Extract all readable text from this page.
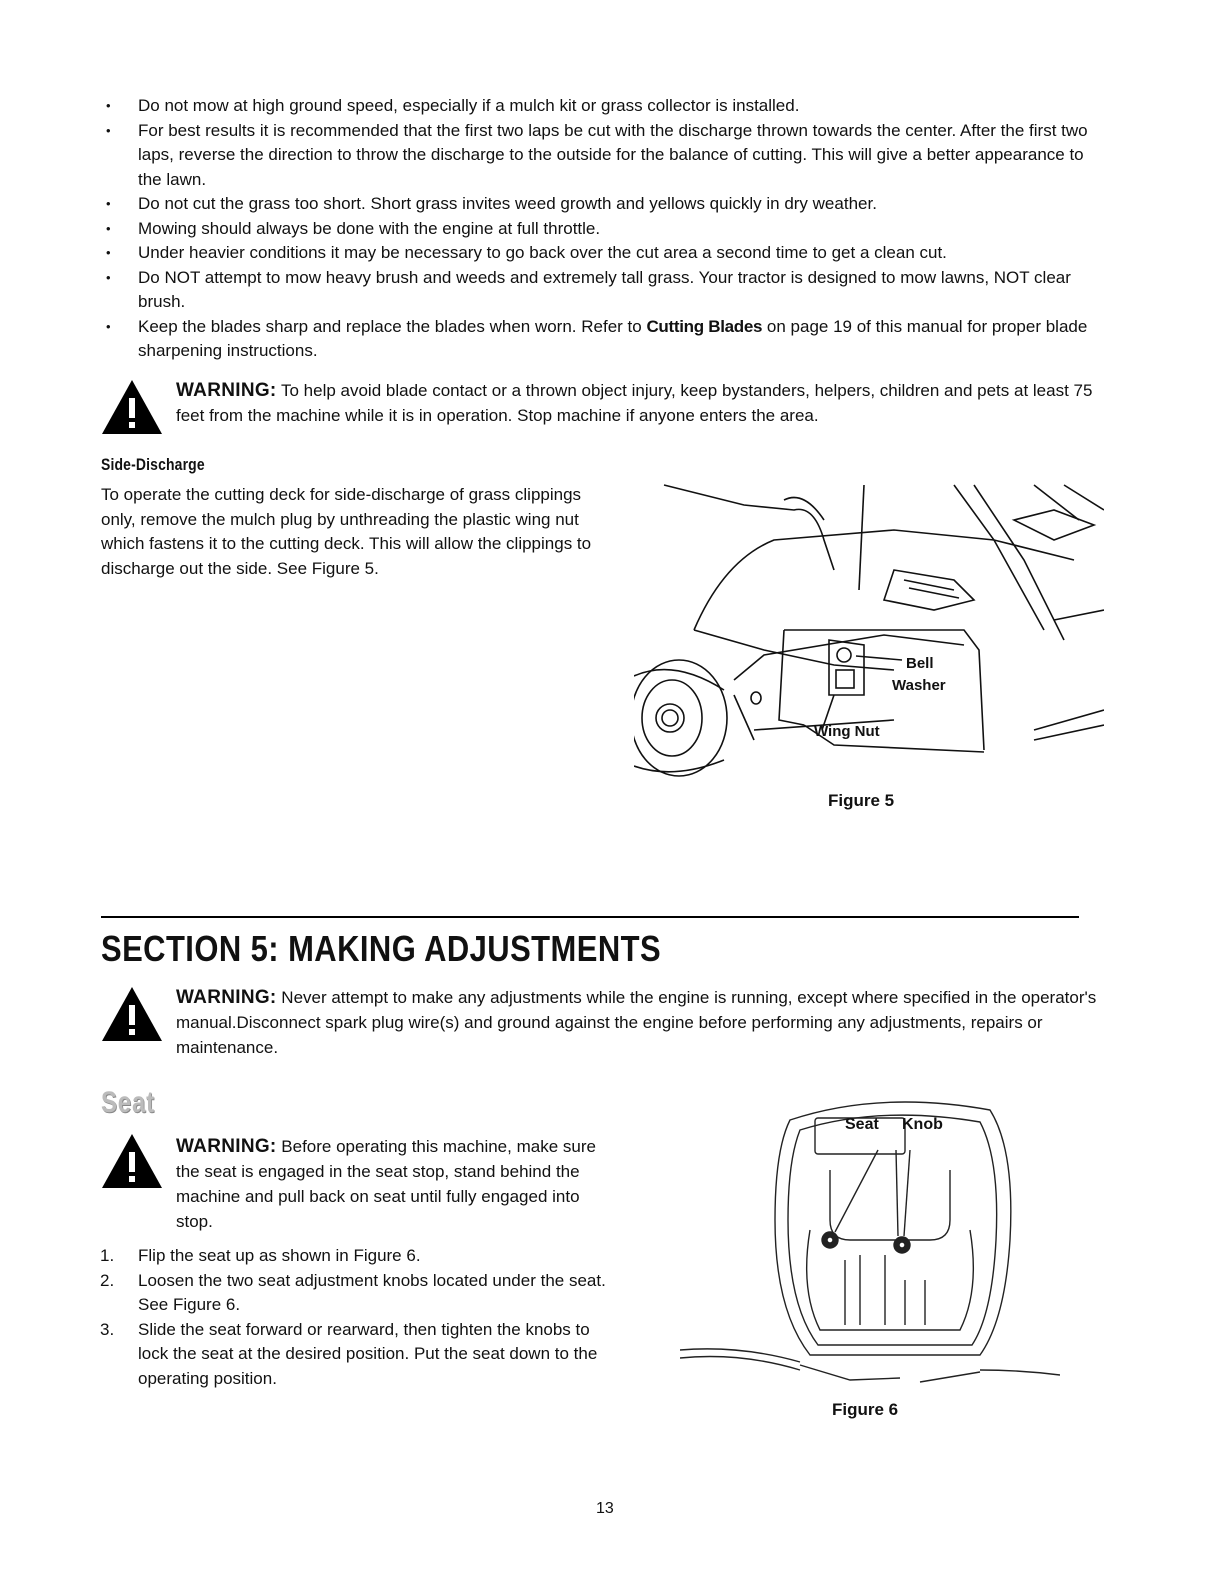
• Do not mow at high ground speed, especially if a mulch kit or grass collector is installed.
• For best results it is recommended that the first two laps be cut with the discharge thrown towards the center. After the first two laps, reverse the direction to throw the discharge to the outside for the balance of cutting. This will give a better appearance to the lawn.
• Do not cut the grass too short. Short grass invites weed growth and yellows quickly in dry weather.
• Mowing should always be done with the engine at full throttle.
• Under heavier conditions it may be necessary to go back over the cut area a second time to get a clean cut.
• Do NOT attempt to mow heavy brush and weeds and extremely tall grass. Your tractor is designed to mow lawns, NOT clear brush.
• Keep the blades sharp and replace the blades when worn. Refer to Cutting Blades on page 19 of this manual for proper blade sharpening instructions.
WARNING: To help avoid blade contact or a thrown object injury, keep bystanders, helpers, children and pets at least 75 feet from the machine while it is in operation. Stop machine if anyone enters the area.
Side-Discharge
To operate the cutting deck for side-discharge of grass clippings only, remove the mulch plug by unthreading the plastic wing nut which fastens it to the cutting deck. This will allow the clippings to discharge out the side. See Figure 5.
Bell
Washer
Wing Nut
Figure 5
SECTION 5: MAKING ADJUSTMENTS
WARNING: Never attempt to make any adjustments while the engine is running, except where specified in the operator's manual.Disconnect spark plug wire(s) and ground against the engine before performing any adjustments, repairs or maintenance.
Seat
WARNING: Before operating this machine, make sure the seat is engaged in the seat stop, stand behind the machine and pull back on seat until fully engaged into stop.
1. Flip the seat up as shown in Figure 6.
2. Loosen the two seat adjustment knobs located under the seat. See Figure 6.
3. Slide the seat forward or rearward, then tighten the knobs to lock the seat at the desired position. Put the seat down to the operating position.
Seat Knob
Figure 6
13
